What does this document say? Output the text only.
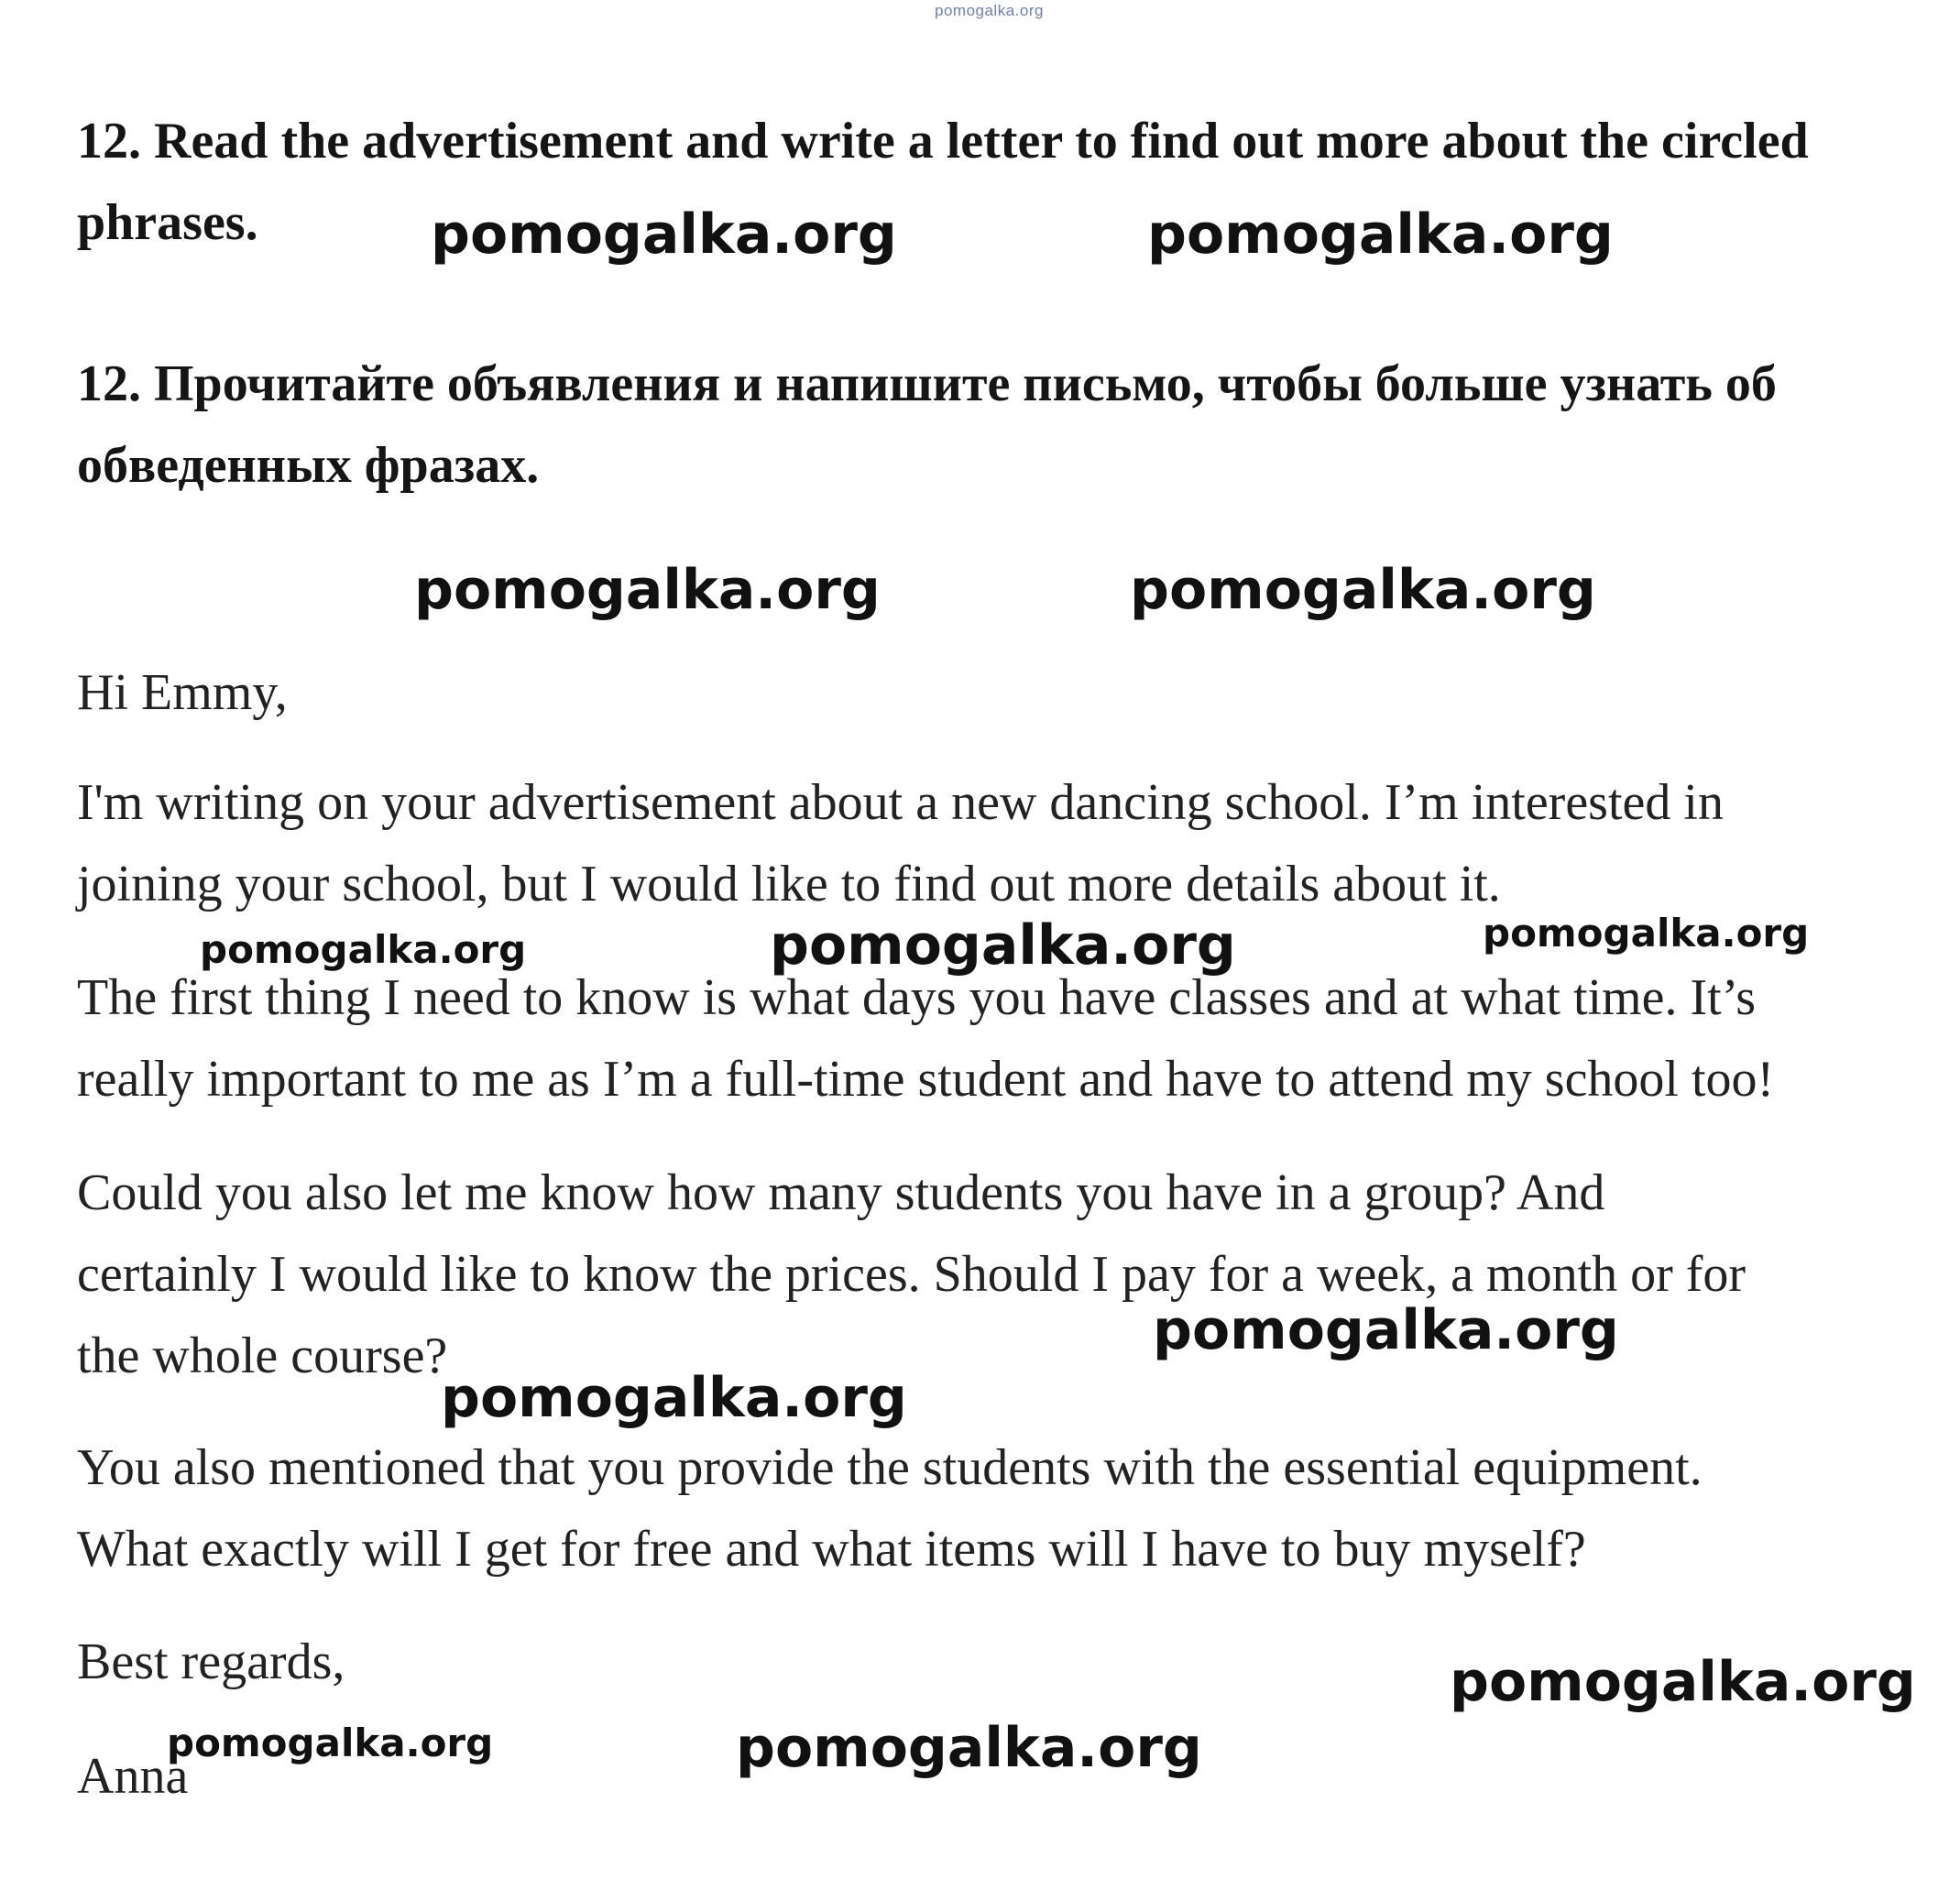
pomogalka.org

12. Read the advertisement and write a letter to find out more about the circled phrases.

12. Прочитайте объявления и напишите письмо, чтобы больше узнать об обведенных фразах.

Hi Emmy,

I'm writing on your advertisement about a new dancing school. I’m interested in
joining your school, but I would like to find out more details about it.

The first thing I need to know is what days you have classes and at what time. It’s
really important to me as I’m a full-time student and have to attend my school too!

Could you also let me know how many students you have in a group? And
certainly I would like to know the prices. Should I pay for a week, a month or for
the whole course?

You also mentioned that you provide the students with the essential equipment.
What exactly will I get for free and what items will I have to buy myself?

Best regards,

Anna

pomogalka.org	pomogalka.org
pomogalka.org	pomogalka.org
pomogalka.org	pomogalka.org	pomogalka.org
pomogalka.org
pomogalka.org
pomogalka.org
pomogalka.org	pomogalka.org
